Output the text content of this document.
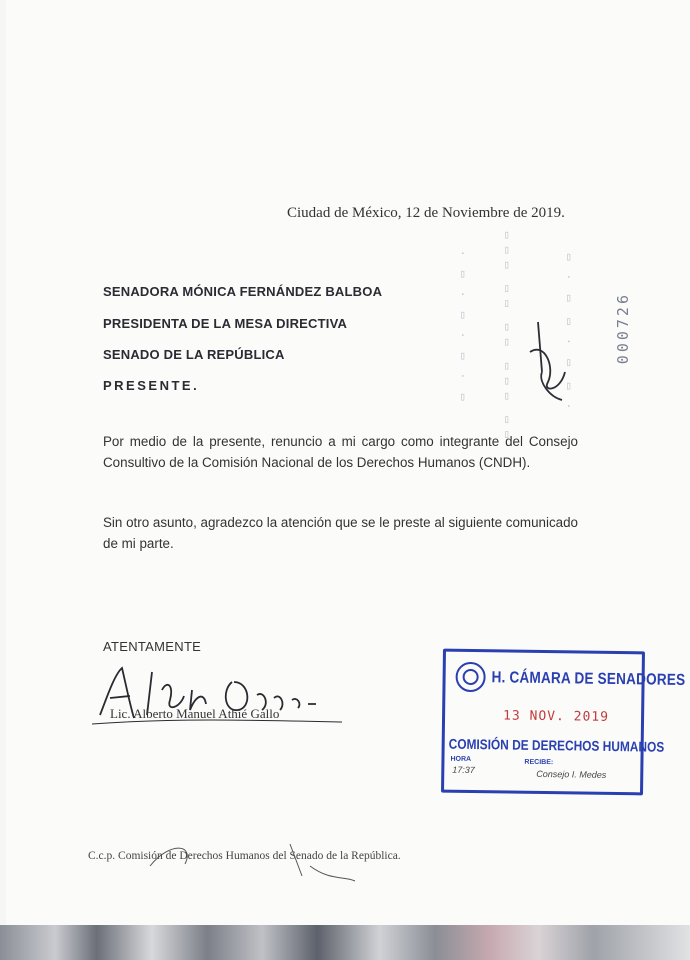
Ciudad de México, 12 de Noviembre de 2019.
SENADORA MÓNICA FERNÁNDEZ BALBOA
PRESIDENTA DE LA MESA DIRECTIVA
SENADO DE LA REPÚBLICA
PRESENTE.	▯▯▯ ▯▯ ▯▯ ▯▯▯ ▯▯
· ▯ · ▯ · ▯ · ▯	▯ · ▯ ▯ · ▯ ▯ ·	000726
Por medio de la presente, renuncio a mi cargo como integrante del Consejo Consultivo de la Comisión Nacional de los Derechos Humanos (CNDH).
Sin otro asunto, agradezco la atención que se le preste al siguiente comunicado de mi parte.
ATENTAMENTE
Lic. Alberto Manuel Athié Gallo
H. CÁMARA DE SENADORES
13 NOV. 2019
COMISIÓN DE DERECHOS HUMANOS
HORA
17:37
RECIBE:
Consejo I. Medes
C.c.p. Comisión de Derechos Humanos del Senado de la República.
